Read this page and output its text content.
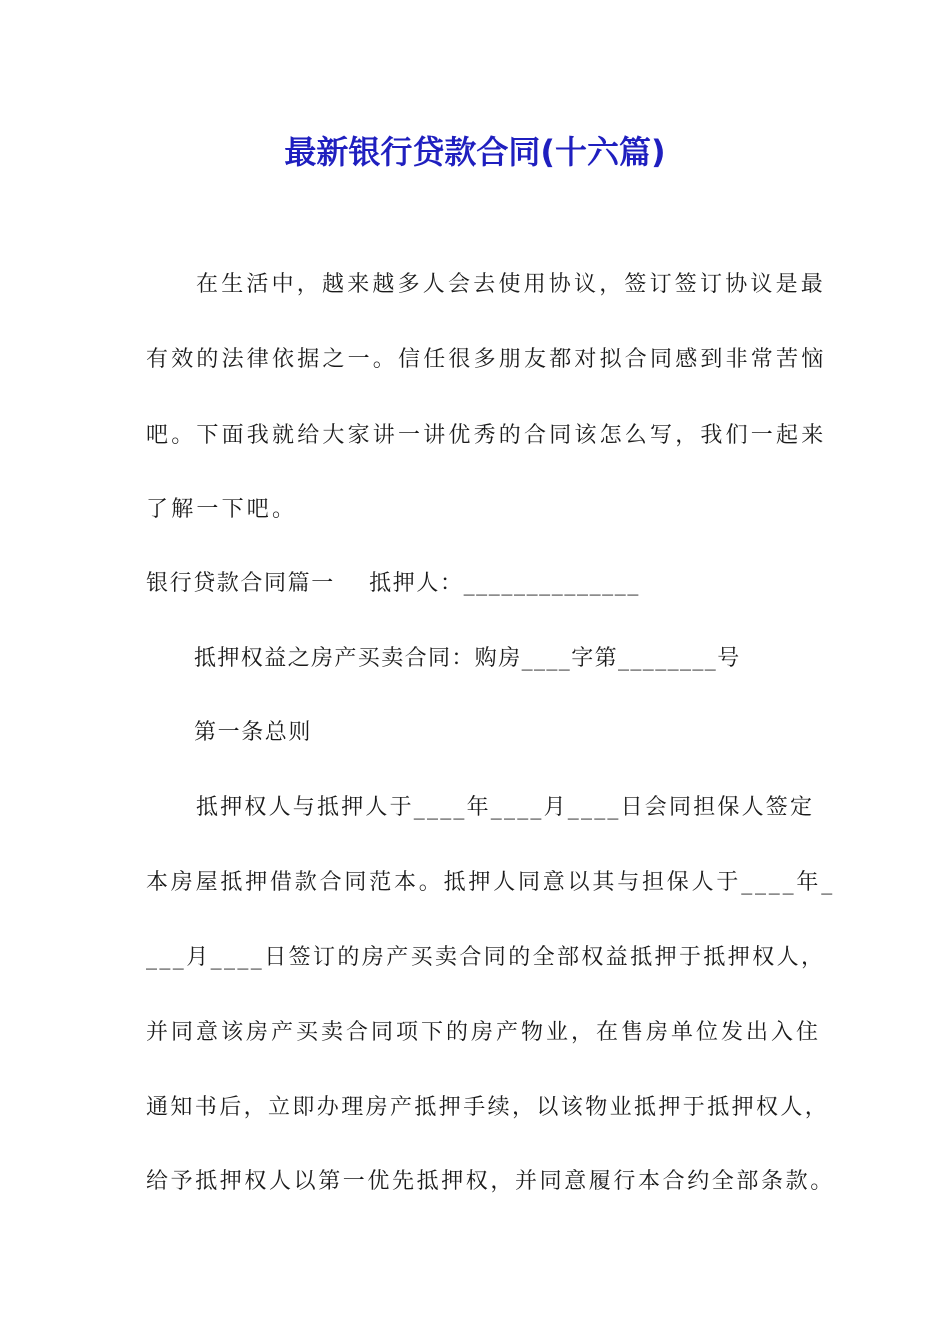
最新银行贷款合同(十六篇)
在生活中，越来越多人会去使用协议，签订签订协议是最
有效的法律依据之一。信任很多朋友都对拟合同感到非常苦恼
吧。下面我就给大家讲一讲优秀的合同该怎么写，我们一起来
了解一下吧。
银行贷款合同篇一    抵押人：______________
抵押权益之房产买卖合同：购房____字第________号
第一条总则
抵押权人与抵押人于____年____月____日会同担保人签定
本房屋抵押借款合同范本。抵押人同意以其与担保人于____年_
___月____日签订的房产买卖合同的全部权益抵押于抵押权人，
并同意该房产买卖合同项下的房产物业，在售房单位发出入住
通知书后，立即办理房产抵押手续，以该物业抵押于抵押权人，
给予抵押权人以第一优先抵押权，并同意履行本合约全部条款。
